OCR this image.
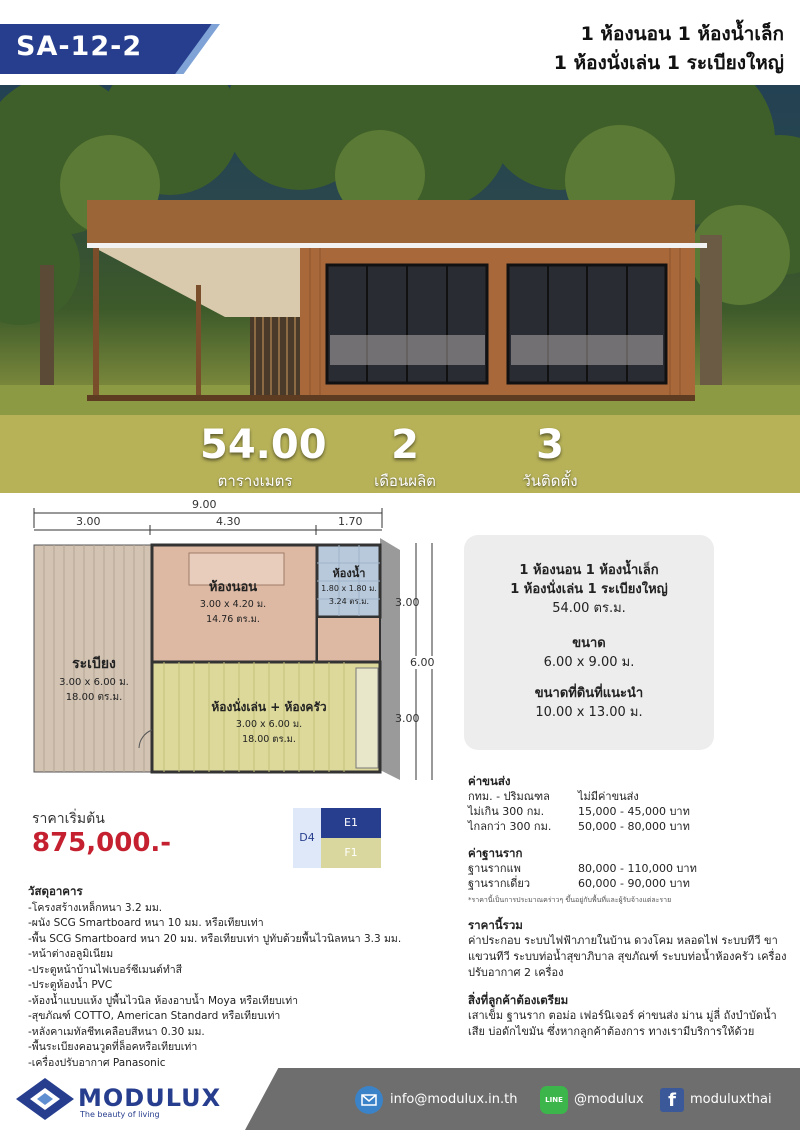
SA-12-2	1 ห้องนอน 1 ห้องน้ำเล็ก
1 ห้องนั่งเล่น 1 ระเบียงใหญ่
54.00
ตารางเมตร
2
เดือนผลิต
3
วันติดตั้ง
9.00
3.00	4.30	1.70
3.00
6.00
3.00
ห้องนอน
3.00 x 4.20 ม.
14.76 ตร.ม.
ห้องน้ำ
1.80 x 1.80 ม.
3.24 ตร.ม.
ระเบียง
3.00 x 6.00 ม.
18.00 ตร.ม.
ห้องนั่งเล่น + ห้องครัว
3.00 x 6.00 ม.
18.00 ตร.ม.
1 ห้องนอน 1 ห้องน้ำเล็ก
1 ห้องนั่งเล่น 1 ระเบียงใหญ่
54.00 ตร.ม.
ขนาด
6.00 x 9.00 ม.
ขนาดที่ดินที่แนะนำ
10.00 x 13.00 ม.
ราคาเริ่มต้น
875,000.-	D4
E1
F1
วัสดุอาคาร
-โครงสร้างเหล็กหนา 3.2 มม.
-ผนัง SCG Smartboard หนา 10 มม. หรือเทียบเท่า
-พื้น SCG Smartboard หนา 20 มม. หรือเทียบเท่า ปูทับด้วยพื้นไวนิลหนา 3.3 มม.
-หน้าต่างอลูมิเนียม
-ประตูหน้าบ้านไฟเบอร์ซีเมนต์ทำสี
-ประตูห้องน้ำ PVC
-ห้องน้ำแบบแห้ง ปูพื้นไวนิล ห้องอาบน้ำ Moya หรือเทียบเท่า
-สุขภัณฑ์ COTTO, American Standard หรือเทียบเท่า
-หลังคาเมทัลชีทเคลือบสีหนา 0.30 มม.
-พื้นระเบียงคอนวูดที่ล็อคหรือเทียบเท่า
-เครื่องปรับอากาศ Panasonic
ค่าขนส่ง
กทม. - ปริมณฑล	ไม่มีค่าขนส่ง
ไม่เกิน 300 กม.	15,000 - 45,000 บาท
ไกลกว่า 300 กม.	50,000 - 80,000 บาท
ค่าฐานราก
ฐานรากแพ	80,000 - 110,000 บาท
ฐานรากเดี่ยว	60,000 - 90,000 บาท
*ราคานี้เป็นการประมาณคร่าวๆ ขึ้นอยู่กับพื้นที่และผู้รับจ้างแต่ละราย
ราคานี้รวม
ค่าประกอบ ระบบไฟฟ้าภายในบ้าน ดวงโคม หลอดไฟ ระบบทีวี ขาแขวนทีวี ระบบท่อน้ำสุขาภิบาล สุขภัณฑ์ ระบบท่อน้ำห้องครัว เครื่องปรับอากาศ 2 เครื่อง
สิ่งที่ลูกค้าต้องเตรียม
เสาเข็ม ฐานราก ตอม่อ เฟอร์นิเจอร์ ค่าขนส่ง ม่าน มู่ลี่ ถังบำบัดน้ำเสีย บ่อดักไขมัน ซึ่งหากลูกค้าต้องการ ทางเรามีบริการให้ด้วย
MODULUX
The beauty of living
info@modulux.in.th	LINE @modulux	f	moduluxthai
